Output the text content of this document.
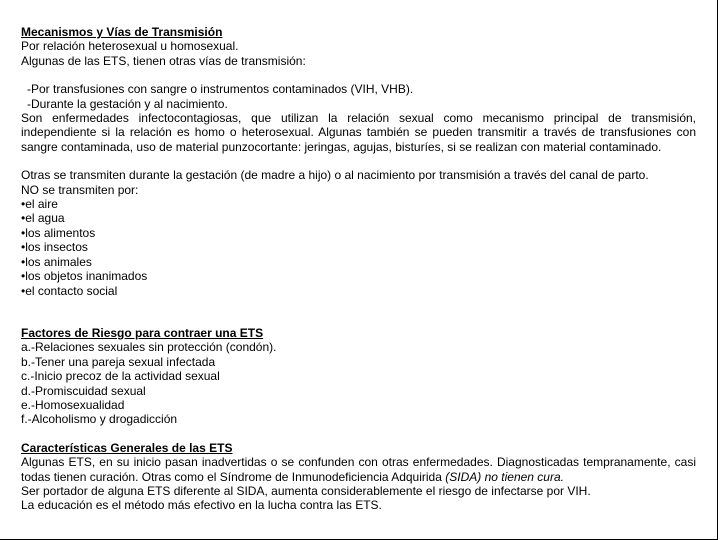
Mecanismos y Vías de Transmisión
Por relación heterosexual u homosexual.
Algunas de las ETS, tienen otras vías de transmisión:
-Por transfusiones con sangre o instrumentos contaminados (VIH, VHB).
-Durante la gestación y al nacimiento.
Son enfermedades infectocontagiosas, que utilizan la relación sexual como mecanismo principal de transmisión, independiente si la relación es homo o heterosexual. Algunas también se pueden transmitir a través de transfusiones con sangre contaminada, uso de material punzocortante: jeringas, agujas, bisturíes, si se realizan con material contaminado.
Otras se transmiten durante la gestación (de madre a hijo) o al nacimiento por transmisión a través del canal de parto.
NO se transmiten por:
• el aire
• el agua
• los alimentos
• los insectos
• los animales
• los objetos inanimados
• el contacto social
Factores de Riesgo para contraer una ETS
a.-Relaciones sexuales sin protección (condón).
b.-Tener una pareja sexual infectada
c.-Inicio precoz de la actividad sexual
d.-Promiscuidad sexual
e.-Homosexualidad
f.-Alcoholismo y drogadicción
Características Generales de las ETS
Algunas ETS, en su inicio pasan inadvertidas o se confunden con otras enfermedades. Diagnosticadas tempranamente, casi todas tienen curación. Otras como el Síndrome de Inmunodeficiencia Adquirida (SIDA) no tienen cura.
Ser portador de alguna ETS diferente al SIDA, aumenta considerablemente el riesgo de infectarse por VIH.
La educación es el método más efectivo en la lucha contra las ETS.
